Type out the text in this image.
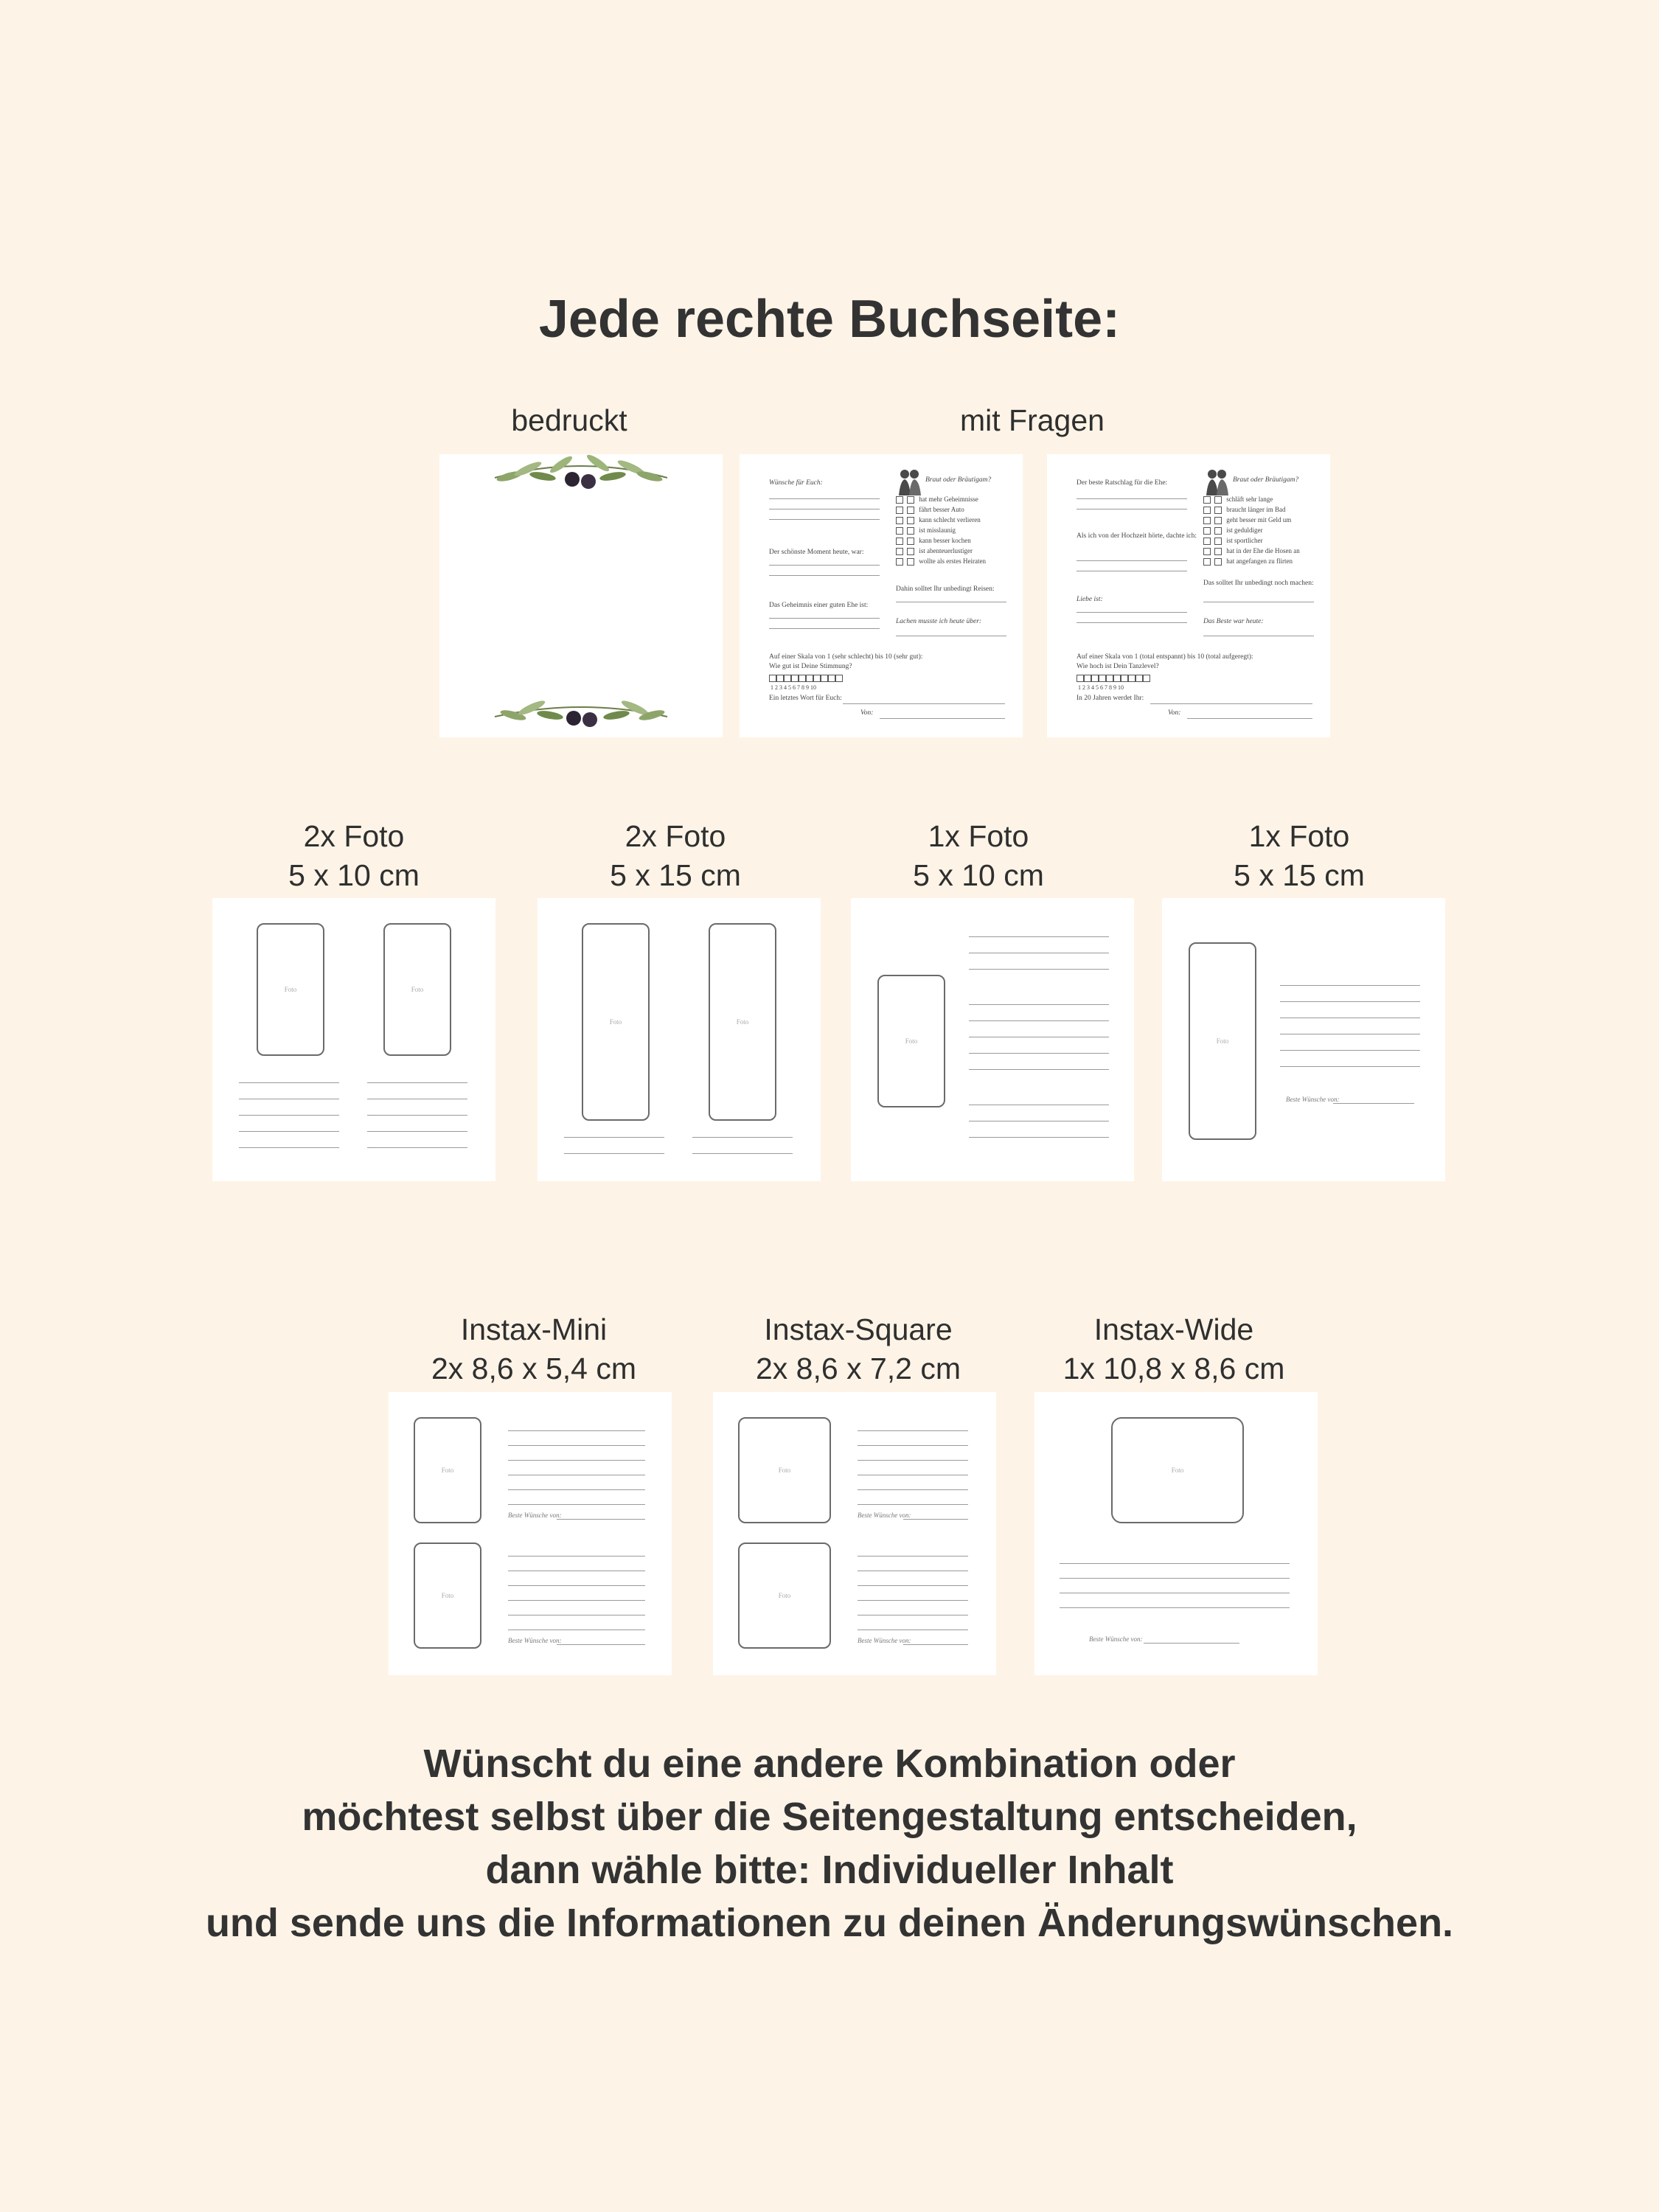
Jede rechte Buchseite:
bedruckt	mit Fragen
Wünsche für Euch:
Der schönste Moment heute, war:
Das Geheimnis einer guten Ehe ist:
Braut oder Bräutigam?
hat mehr Geheimnisse
fährt besser Auto
kann schlecht verlieren
ist misslaunig
kann besser kochen
ist abenteuerlustiger
wollte als erstes Heiraten
Dahin solltet Ihr unbedingt Reisen:
Lachen musste ich heute über:
Auf einer Skala von 1 (sehr schlecht) bis 10 (sehr gut):
Wie gut ist Deine Stimmung?
1 2 3 4 5 6 7 8 9 10
Ein letztes Wort für Euch:
Von:
Der beste Ratschlag für die Ehe:
Als ich von der Hochzeit hörte, dachte ich:
Liebe ist:
Braut oder Bräutigam?
schläft sehr lange
braucht länger im Bad
geht besser mit Geld um
ist geduldiger
ist sportlicher
hat in der Ehe die Hosen an
hat angefangen zu flirten
Das solltet Ihr unbedingt noch machen:
Das Beste war heute:
Auf einer Skala von 1 (total entspannt) bis 10 (total aufgeregt):
Wie hoch ist Dein Tanzlevel?
1 2 3 4 5 6 7 8 9 10
In 20 Jahren werdet Ihr:
Von:
2x Foto
5 x 10 cm
2x Foto
5 x 15 cm
1x Foto
5 x 10 cm
1x Foto
5 x 15 cm
Foto	Foto
Foto	Foto
Foto	Foto
Beste Wünsche von:
Instax-Mini
2x 8,6 x 5,4 cm
Instax-Square
2x 8,6 x 7,2 cm
Instax-Wide
1x 10,8 x 8,6 cm
Foto
Foto
Beste Wünsche von:
Beste Wünsche von:
Foto
Foto
Beste Wünsche von:
Beste Wünsche von:
Foto
Beste Wünsche von:
Wünscht du eine andere Kombination oder
möchtest selbst über die Seitengestaltung entscheiden,
dann wähle bitte: Individueller Inhalt
und sende uns die Informationen zu deinen Änderungswünschen.
